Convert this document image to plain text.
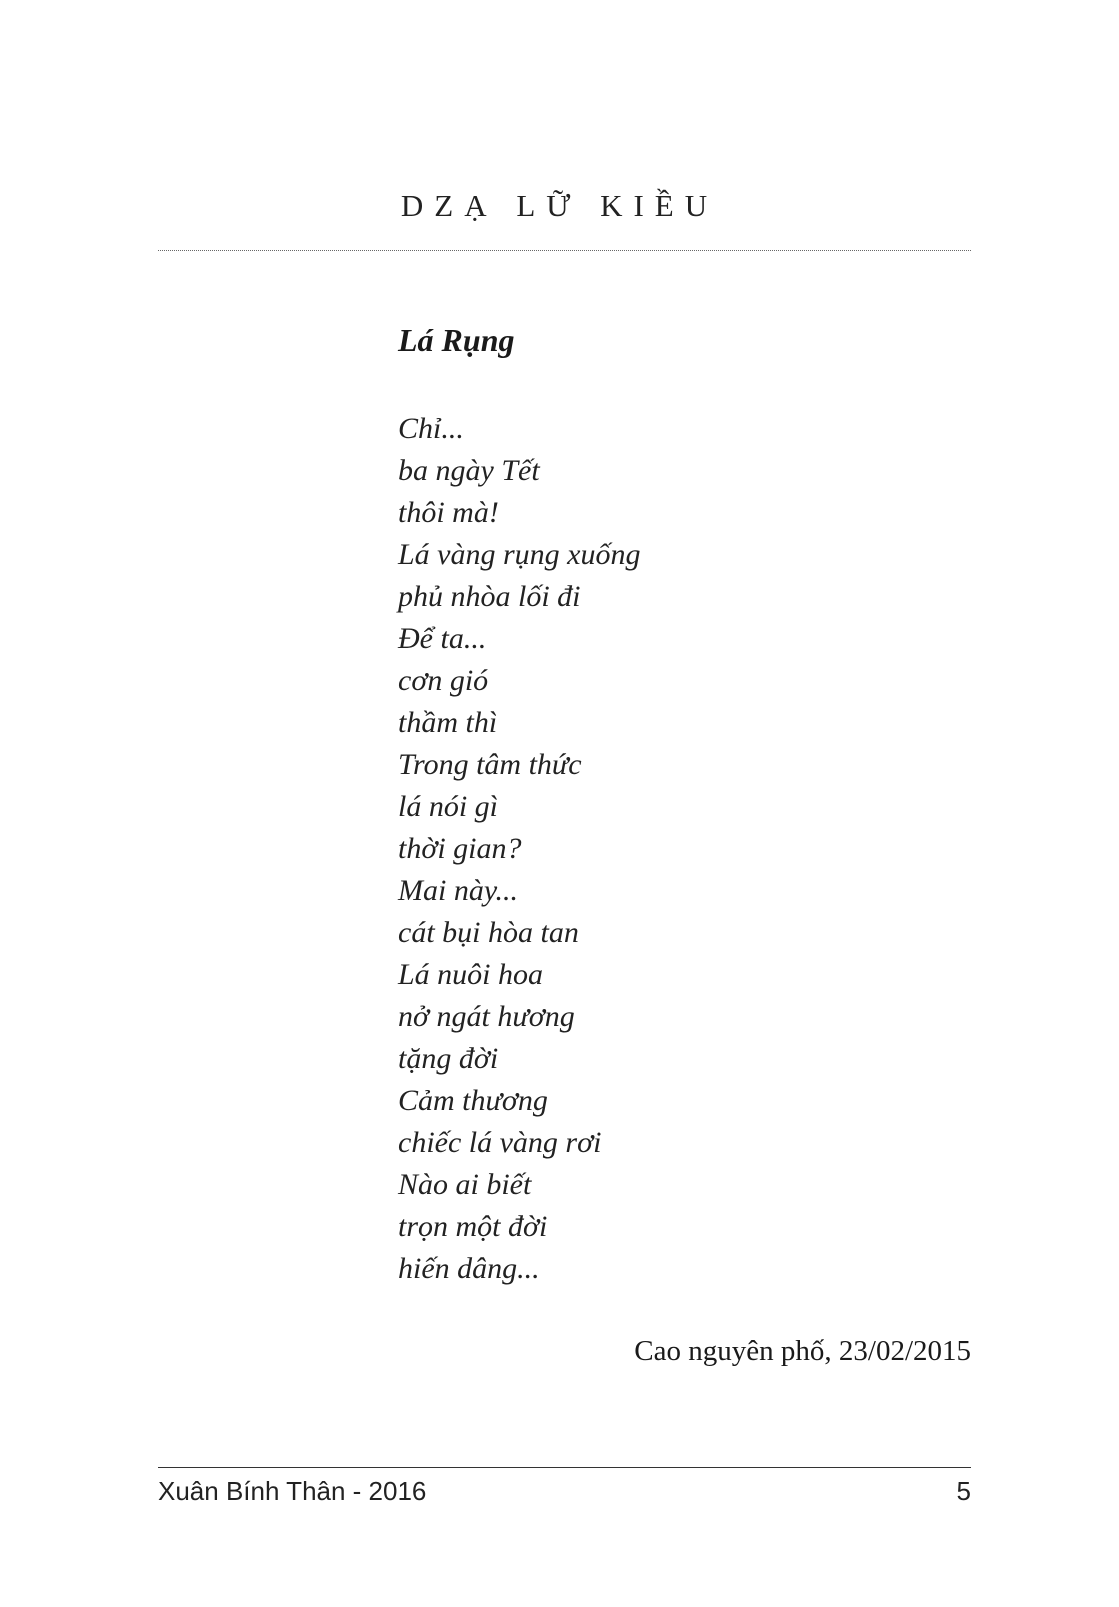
DZẠ LỮ KIỀU
Lá Rụng
Chỉ...
ba ngày Tết
thôi mà!
Lá vàng rụng xuống
phủ nhòa lối đi
Để ta...
cơn gió
thầm thì
Trong tâm thức
lá nói gì
thời gian?
Mai này...
cát bụi hòa tan
Lá nuôi hoa
nở ngát hương
tặng đời
Cảm thương
chiếc lá vàng rơi
Nào ai biết
trọn một đời
hiến dâng...
Cao nguyên phố, 23/02/2015
Xuân Bính Thân - 2016	5
